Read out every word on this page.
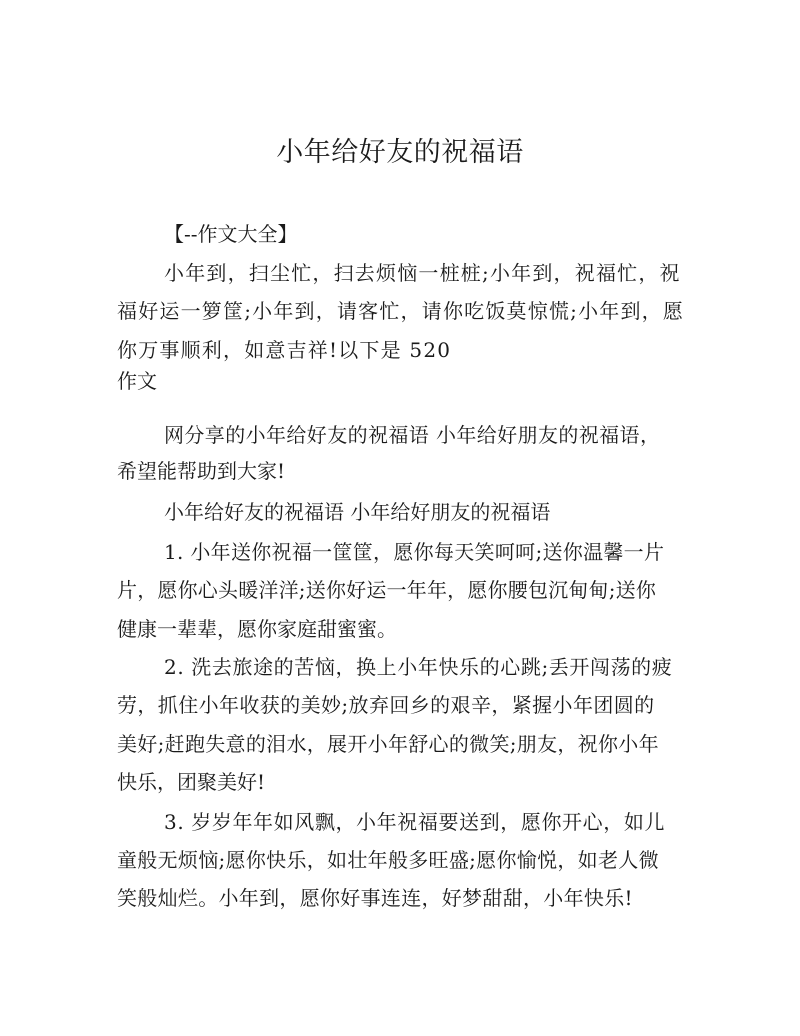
小年给好友的祝福语

【--作文大全】

小年到，扫尘忙，扫去烦恼一桩桩;小年到，祝福忙，祝

福好运一箩筐;小年到，请客忙，请你吃饭莫惊慌;小年到，愿

你万事顺利，如意吉祥!以下是 520

作文

网分享的小年给好友的祝福语 小年给好朋友的祝福语，

希望能帮助到大家!

小年给好友的祝福语 小年给好朋友的祝福语

1. 小年送你祝福一筐筐，愿你每天笑呵呵;送你温馨一片

片，愿你心头暖洋洋;送你好运一年年，愿你腰包沉甸甸;送你

健康一辈辈，愿你家庭甜蜜蜜。

2. 洗去旅途的苦恼，换上小年快乐的心跳;丢开闯荡的疲

劳，抓住小年收获的美妙;放弃回乡的艰辛，紧握小年团圆的

美好;赶跑失意的泪水，展开小年舒心的微笑;朋友，祝你小年

快乐，团聚美好!

3. 岁岁年年如风飘，小年祝福要送到，愿你开心，如儿

童般无烦恼;愿你快乐，如壮年般多旺盛;愿你愉悦，如老人微

笑般灿烂。小年到，愿你好事连连，好梦甜甜，小年快乐!
